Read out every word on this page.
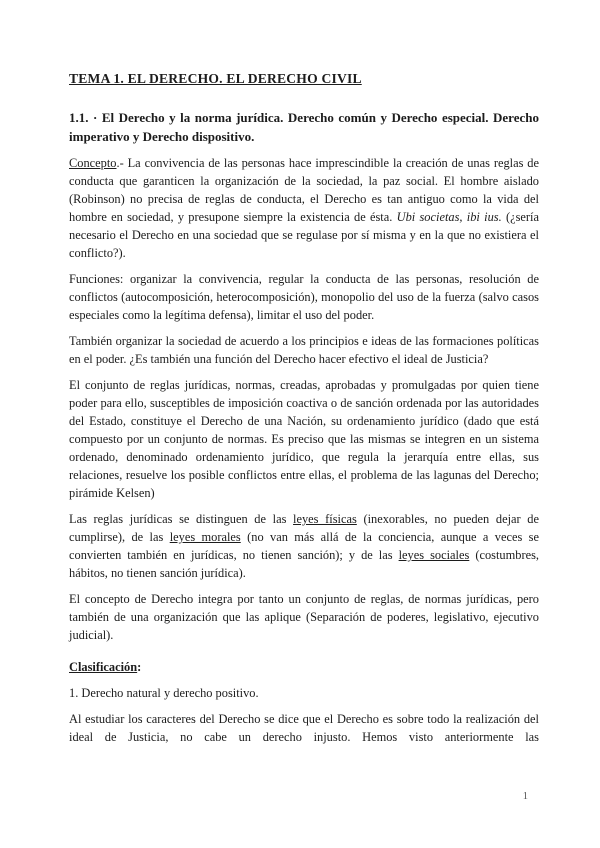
TEMA 1. EL DERECHO. EL DERECHO CIVIL
1.1. · El Derecho y la norma jurídica. Derecho común y Derecho especial. Derecho imperativo y Derecho dispositivo.

Concepto.- La convivencia de las personas hace imprescindible la creación de unas reglas de conducta que garanticen la organización de la sociedad, la paz social. El hombre aislado (Robinson) no precisa de reglas de conducta, el Derecho es tan antiguo como la vida del hombre en sociedad, y presupone siempre la existencia de ésta. Ubi societas, ibi ius. (¿sería necesario el Derecho en una sociedad que se regulase por sí misma y en la que no existiera el conflicto?).

Funciones: organizar la convivencia, regular la conducta de las personas, resolución de conflictos (autocomposición, heterocomposición), monopolio del uso de la fuerza (salvo casos especiales como la legítima defensa), limitar el uso del poder.

También organizar la sociedad de acuerdo a los principios e ideas de las formaciones políticas en el poder. ¿Es también una función del Derecho hacer efectivo el ideal de Justicia?

El conjunto de reglas jurídicas, normas, creadas, aprobadas y promulgadas por quien tiene poder para ello, susceptibles de imposición coactiva o de sanción ordenada por las autoridades del Estado, constituye el Derecho de una Nación, su ordenamiento jurídico (dado que está compuesto por un conjunto de normas. Es preciso que las mismas se integren en un sistema ordenado, denominado ordenamiento jurídico, que regula la jerarquía entre ellas, sus relaciones, resuelve los posible conflictos entre ellas, el problema de las lagunas del Derecho; pirámide Kelsen)

Las reglas jurídicas se distinguen de las leyes físicas (inexorables, no pueden dejar de cumplirse), de las leyes morales (no van más allá de la conciencia, aunque a veces se convierten también en jurídicas, no tienen sanción); y de las leyes sociales (costumbres, hábitos, no tienen sanción jurídica).

El concepto de Derecho integra por tanto un conjunto de reglas, de normas jurídicas, pero también de una organización que las aplique (Separación de poderes, legislativo, ejecutivo judicial).

Clasificación:

1. Derecho natural y derecho positivo.

Al estudiar los caracteres del Derecho se dice que el Derecho es sobre todo la realización del ideal de Justicia, no cabe un derecho injusto. Hemos visto anteriormente las

1
